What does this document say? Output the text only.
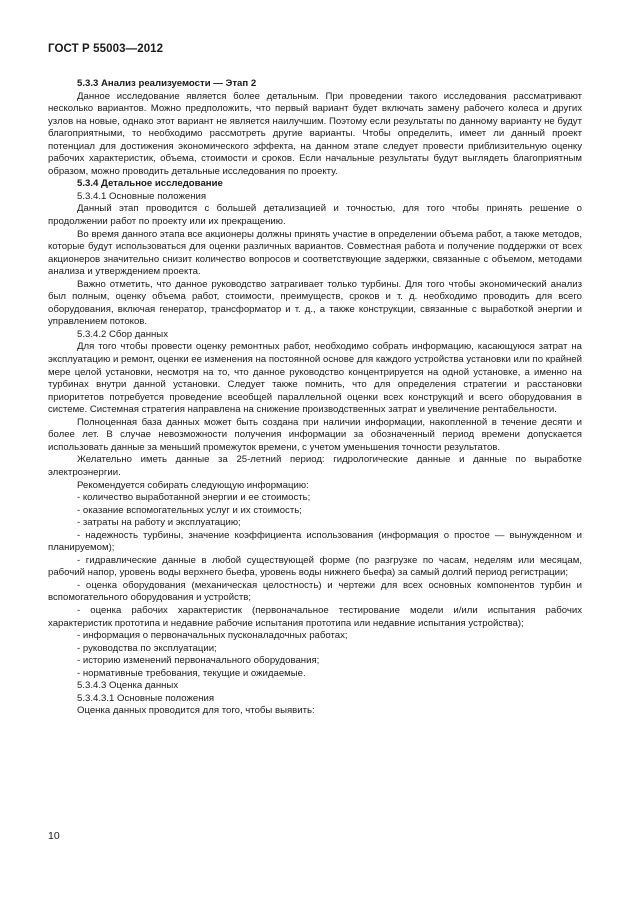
ГОСТ Р 55003—2012

5.3.3 Анализ реализуемости — Этап 2

Данное исследование является более детальным. При проведении такого исследования рассматривают несколько вариантов. Можно предположить, что первый вариант будет включать замену рабочего колеса и других узлов на новые, однако этот вариант не является наилучшим. Поэтому если результаты по данному варианту не будут благоприятными, то необходимо рассмотреть другие варианты. Чтобы определить, имеет ли данный проект потенциал для достижения экономического эффекта, на данном этапе следует провести приблизительную оценку рабочих характеристик, объема, стоимости и сроков. Если начальные результаты будут выглядеть благоприятным образом, можно проводить детальные исследования по проекту.

5.3.4 Детальное исследование

5.3.4.1 Основные положения

Данный этап проводится с большей детализацией и точностью, для того чтобы принять решение о продолжении работ по проекту или их прекращению.

Во время данного этапа все акционеры должны принять участие в определении объема работ, а также методов, которые будут использоваться для оценки различных вариантов. Совместная работа и получение поддержки от всех акционеров значительно снизит количество вопросов и соответствующие задержки, связанные с объемом, методами анализа и утверждением проекта.

Важно отметить, что данное руководство затрагивает только турбины. Для того чтобы экономический анализ был полным, оценку объема работ, стоимости, преимуществ, сроков и т. д. необходимо проводить для всего оборудования, включая генератор, трансформатор и т. д., а также конструкции, связанные с выработкой энергии и управлением потоков.

5.3.4.2 Сбор данных

Для того чтобы провести оценку ремонтных работ, необходимо собрать информацию, касающуюся затрат на эксплуатацию и ремонт, оценки ее изменения на постоянной основе для каждого устройства установки или по крайней мере целой установки, несмотря на то, что данное руководство концентрируется на одной установке, а именно на турбинах внутри данной установки. Следует также помнить, что для определения стратегии и расстановки приоритетов потребуется проведение всеобщей параллельной оценки всех конструкций и всего оборудования в системе. Системная стратегия направлена на снижение производственных затрат и увеличение рентабельности.

Полноценная база данных может быть создана при наличии информации, накопленной в течение десяти и более лет. В случае невозможности получения информации за обозначенный период времени допускается использовать данные за меньший промежуток времени, с учетом уменьшения точности результатов.

Желательно иметь данные за 25-летний период: гидрологические данные и данные по выработке электроэнергии.

Рекомендуется собирать следующую информацию:

- количество выработанной энергии и ее стоимость;

- оказание вспомогательных услуг и их стоимость;

- затраты на работу и эксплуатацию;

- надежность турбины, значение коэффициента использования (информация о простое — вынужденном и планируемом);

- гидравлические данные в любой существующей форме (по разгрузке по часам, неделям или месяцам, рабочий напор, уровень воды верхнего бьефа, уровень воды нижнего бьефа) за самый долгий период регистрации;

- оценка оборудования (механическая целостность) и чертежи для всех основных компонентов турбин и вспомогательного оборудования и устройств;

- оценка рабочих характеристик (первоначальное тестирование модели и/или испытания рабочих характеристик прототипа и недавние рабочие испытания прототипа или недавние испытания устройства);

- информация о первоначальных пусконаладочных работах;

- руководства по эксплуатации;

- историю изменений первоначального оборудования;

- нормативные требования, текущие и ожидаемые.

5.3.4.3 Оценка данных

5.3.4.3.1 Основные положения

Оценка данных проводится для того, чтобы выявить:

10
